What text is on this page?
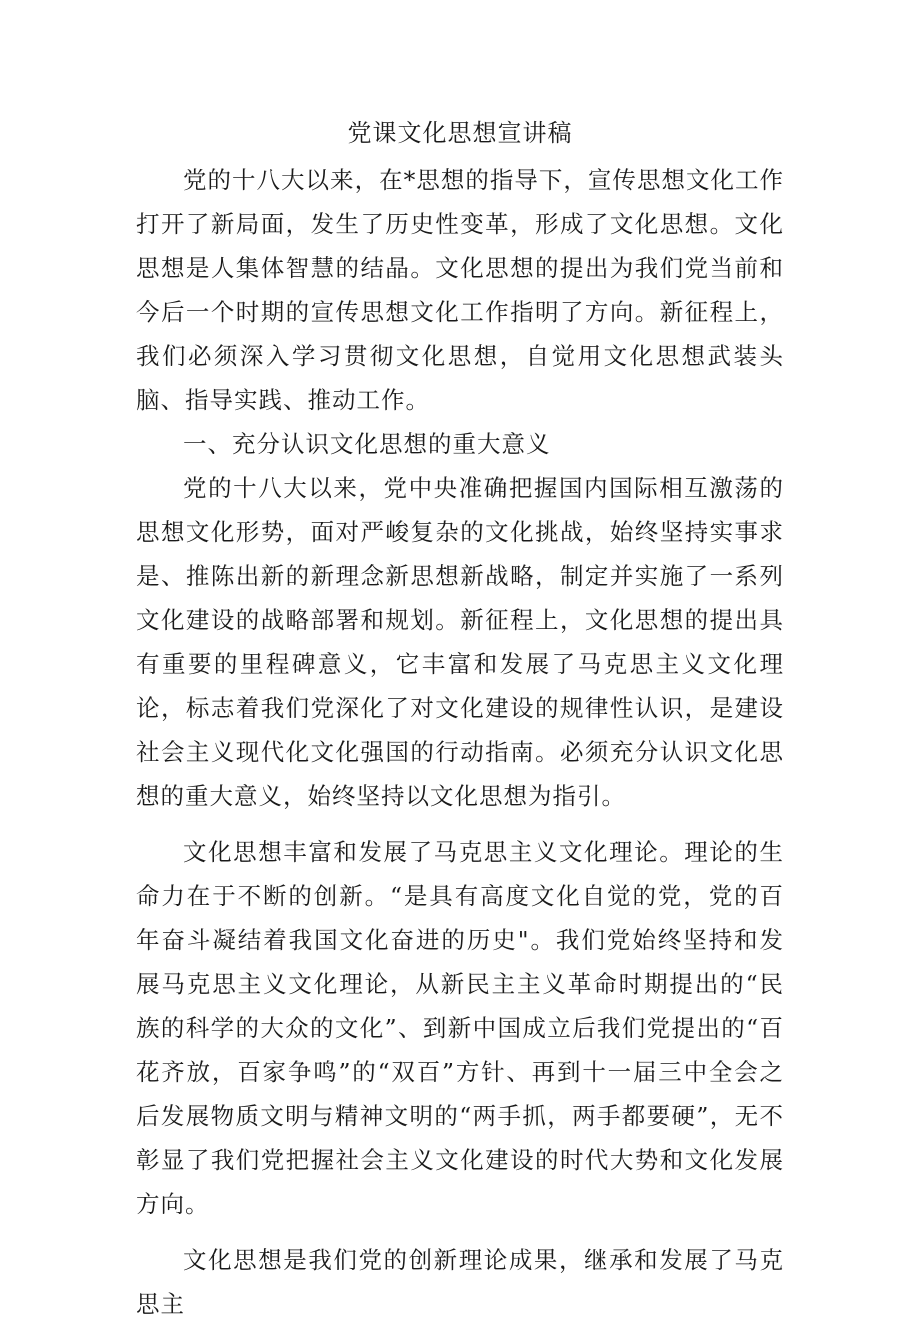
党课文化思想宣讲稿

党的十八大以来，在*思想的指导下，宣传思想文化工作打开了新局面，发生了历史性变革，形成了文化思想。文化思想是人集体智慧的结晶。文化思想的提出为我们党当前和今后一个时期的宣传思想文化工作指明了方向。新征程上，我们必须深入学习贯彻文化思想，自觉用文化思想武装头脑、指导实践、推动工作。

一、充分认识文化思想的重大意义

党的十八大以来，党中央准确把握国内国际相互激荡的思想文化形势，面对严峻复杂的文化挑战，始终坚持实事求是、推陈出新的新理念新思想新战略，制定并实施了一系列文化建设的战略部署和规划。新征程上，文化思想的提出具有重要的里程碑意义，它丰富和发展了马克思主义文化理论，标志着我们党深化了对文化建设的规律性认识，是建设社会主义现代化文化强国的行动指南。必须充分认识文化思想的重大意义，始终坚持以文化思想为指引。

文化思想丰富和发展了马克思主义文化理论。理论的生命力在于不断的创新。“是具有高度文化自觉的党，党的百年奋斗凝结着我国文化奋进的历史"。我们党始终坚持和发展马克思主义文化理论，从新民主主义革命时期提出的“民族的科学的大众的文化”、到新中国成立后我们党提出的“百花齐放，百家争鸣”的“双百”方针、再到十一届三中全会之后发展物质文明与精神文明的“两手抓，两手都要硬”，无不彰显了我们党把握社会主义文化建设的时代大势和文化发展方向。

文化思想是我们党的创新理论成果，继承和发展了马克思主
